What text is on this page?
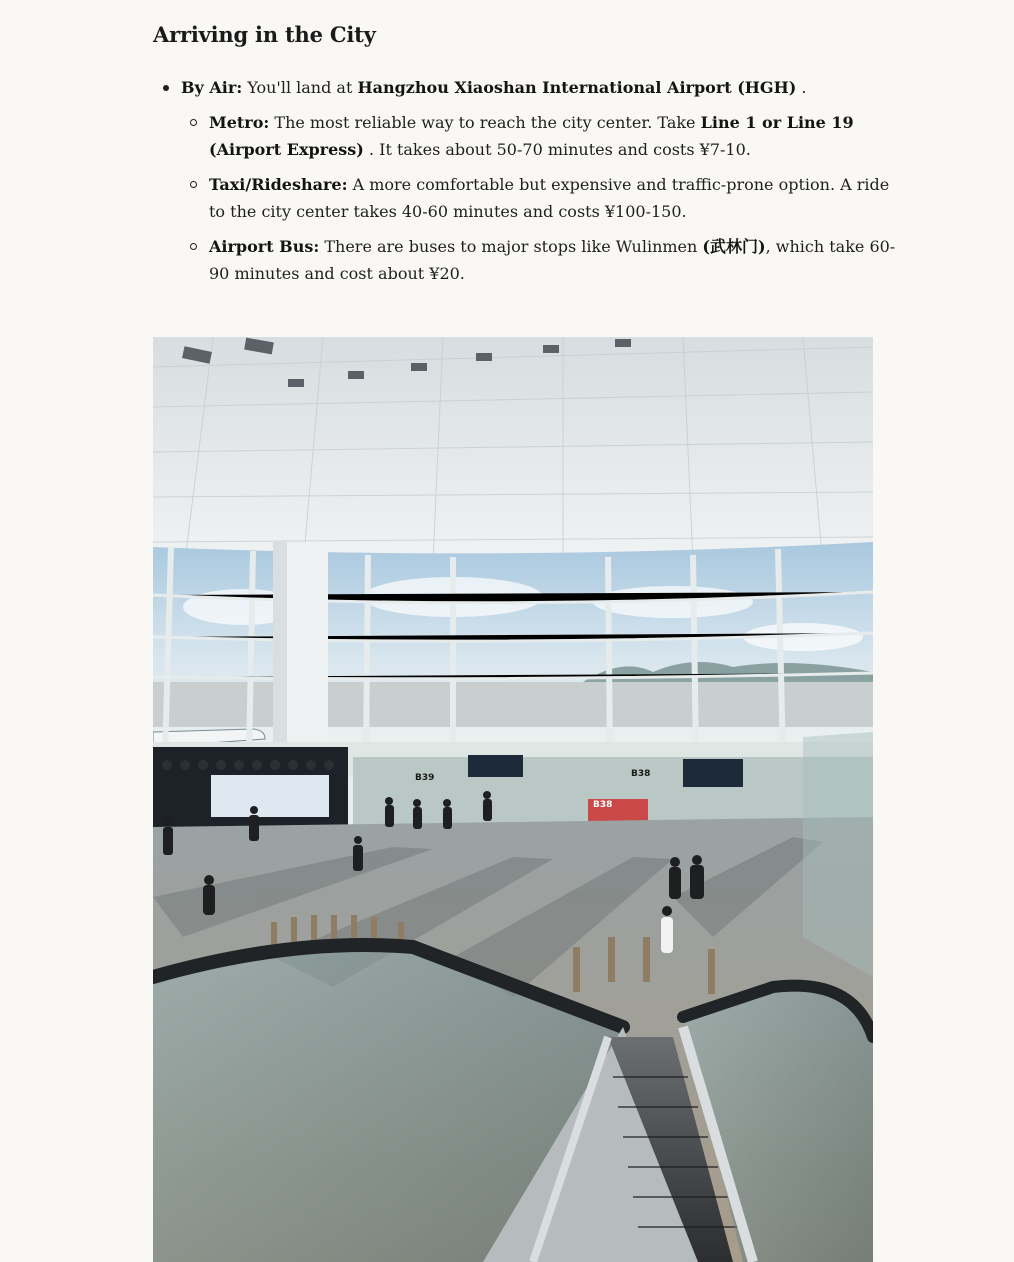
Arriving in the City
By Air: You'll land at Hangzhou Xiaoshan International Airport (HGH) .
Metro: The most reliable way to reach the city center. Take Line 1 or Line 19 (Airport Express) . It takes about 50-70 minutes and costs ¥7-10.
Taxi/Rideshare: A more comfortable but expensive and traffic-prone option. A ride to the city center takes 40-60 minutes and costs ¥100-150.
Airport Bus: There are buses to major stops like Wulinmen (武林门), which take 60-90 minutes and cost about ¥20.
B39	B38
B38
